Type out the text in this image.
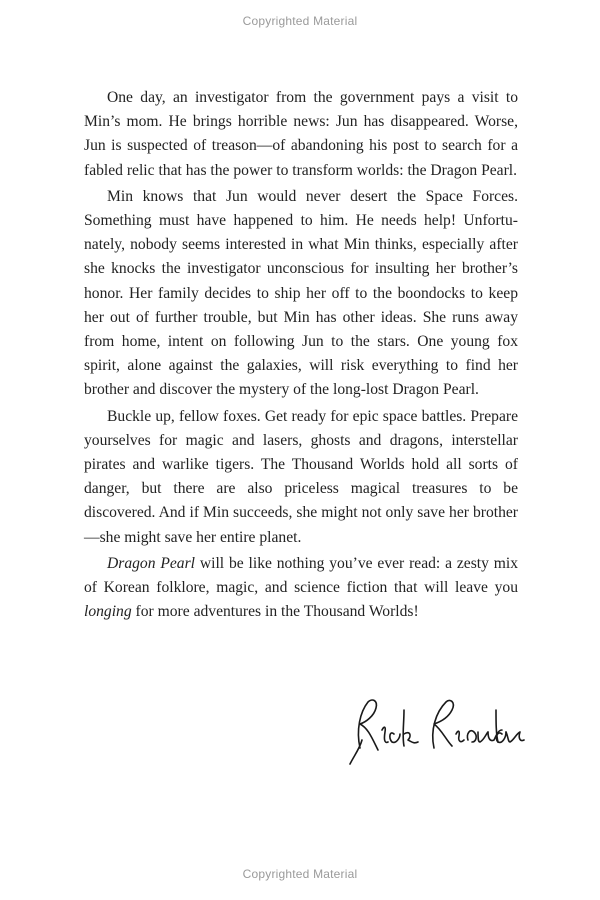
Copyrighted Material

One day, an investigator from the government pays a visit to Min’s mom. He brings horrible news: Jun has disappeared. Worse, Jun is suspected of treason—of abandoning his post to search for a fabled relic that has the power to transform worlds: the Dragon Pearl.

Min knows that Jun would never desert the Space Forces. Something must have happened to him. He needs help! Unfortunately, nobody seems interested in what Min thinks, especially after she knocks the investigator unconscious for insulting her brother’s honor. Her family decides to ship her off to the boondocks to keep her out of further trouble, but Min has other ideas. She runs away from home, intent on following Jun to the stars. One young fox spirit, alone against the galaxies, will risk everything to find her brother and discover the mystery of the long-lost Dragon Pearl.

Buckle up, fellow foxes. Get ready for epic space battles. Prepare yourselves for magic and lasers, ghosts and dragons, interstellar pirates and warlike tigers. The Thousand Worlds hold all sorts of danger, but there are also priceless magical treasures to be discovered. And if Min succeeds, she might not only save her brother—she might save her entire planet.

Dragon Pearl will be like nothing you’ve ever read: a zesty mix of Korean folklore, magic, and science fiction that will leave you longing for more adventures in the Thousand Worlds!

Copyrighted Material
